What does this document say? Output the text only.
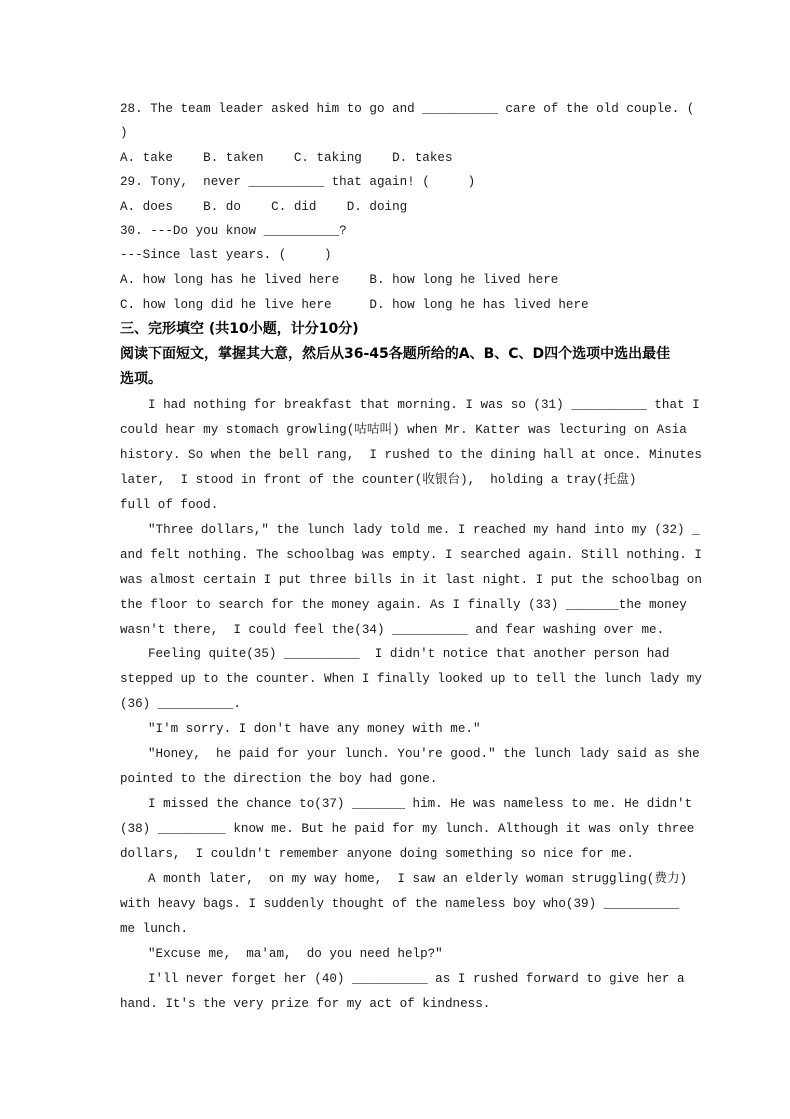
28. The team leader asked him to go and __________ care of the old couple. (
)
A. take    B. taken    C. taking    D. takes
29. Tony,  never __________ that again! (     )
A. does    B. do    C. did    D. doing
30. ---Do you know __________?
---Since last years. (     )
A. how long has he lived here    B. how long he lived here
C. how long did he live here     D. how long he has lived here
三、完形填空 (共10小题，计分10分)
阅读下面短文，掌握其大意，然后从36-45各题所给的A、B、C、D四个选项中选出最佳
选项。
I had nothing for breakfast that morning. I was so (31) __________ that I
could hear my stomach growling(咕咕叫) when Mr. Katter was lecturing on Asia
history. So when the bell rang,  I rushed to the dining hall at once. Minutes
later,  I stood in front of the counter(收银台),  holding a tray(托盘)
full of food.
"Three dollars," the lunch lady told me. I reached my hand into my (32) _
and felt nothing. The schoolbag was empty. I searched again. Still nothing. I
was almost certain I put three bills in it last night. I put the schoolbag on
the floor to search for the money again. As I finally (33) _______the money
wasn't there,  I could feel the(34) __________ and fear washing over me.
Feeling quite(35) __________  I didn't notice that another person had
stepped up to the counter. When I finally looked up to tell the lunch lady my
(36) __________.
"I'm sorry. I don't have any money with me."
"Honey,  he paid for your lunch. You're good." the lunch lady said as she
pointed to the direction the boy had gone.
I missed the chance to(37) _______ him. He was nameless to me. He didn't
(38) _________ know me. But he paid for my lunch. Although it was only three
dollars,  I couldn't remember anyone doing something so nice for me.
A month later,  on my way home,  I saw an elderly woman struggling(费力)
with heavy bags. I suddenly thought of the nameless boy who(39) __________
me lunch.
"Excuse me,  ma'am,  do you need help?"
I'll never forget her (40) __________ as I rushed forward to give her a
hand. It's the very prize for my act of kindness.
